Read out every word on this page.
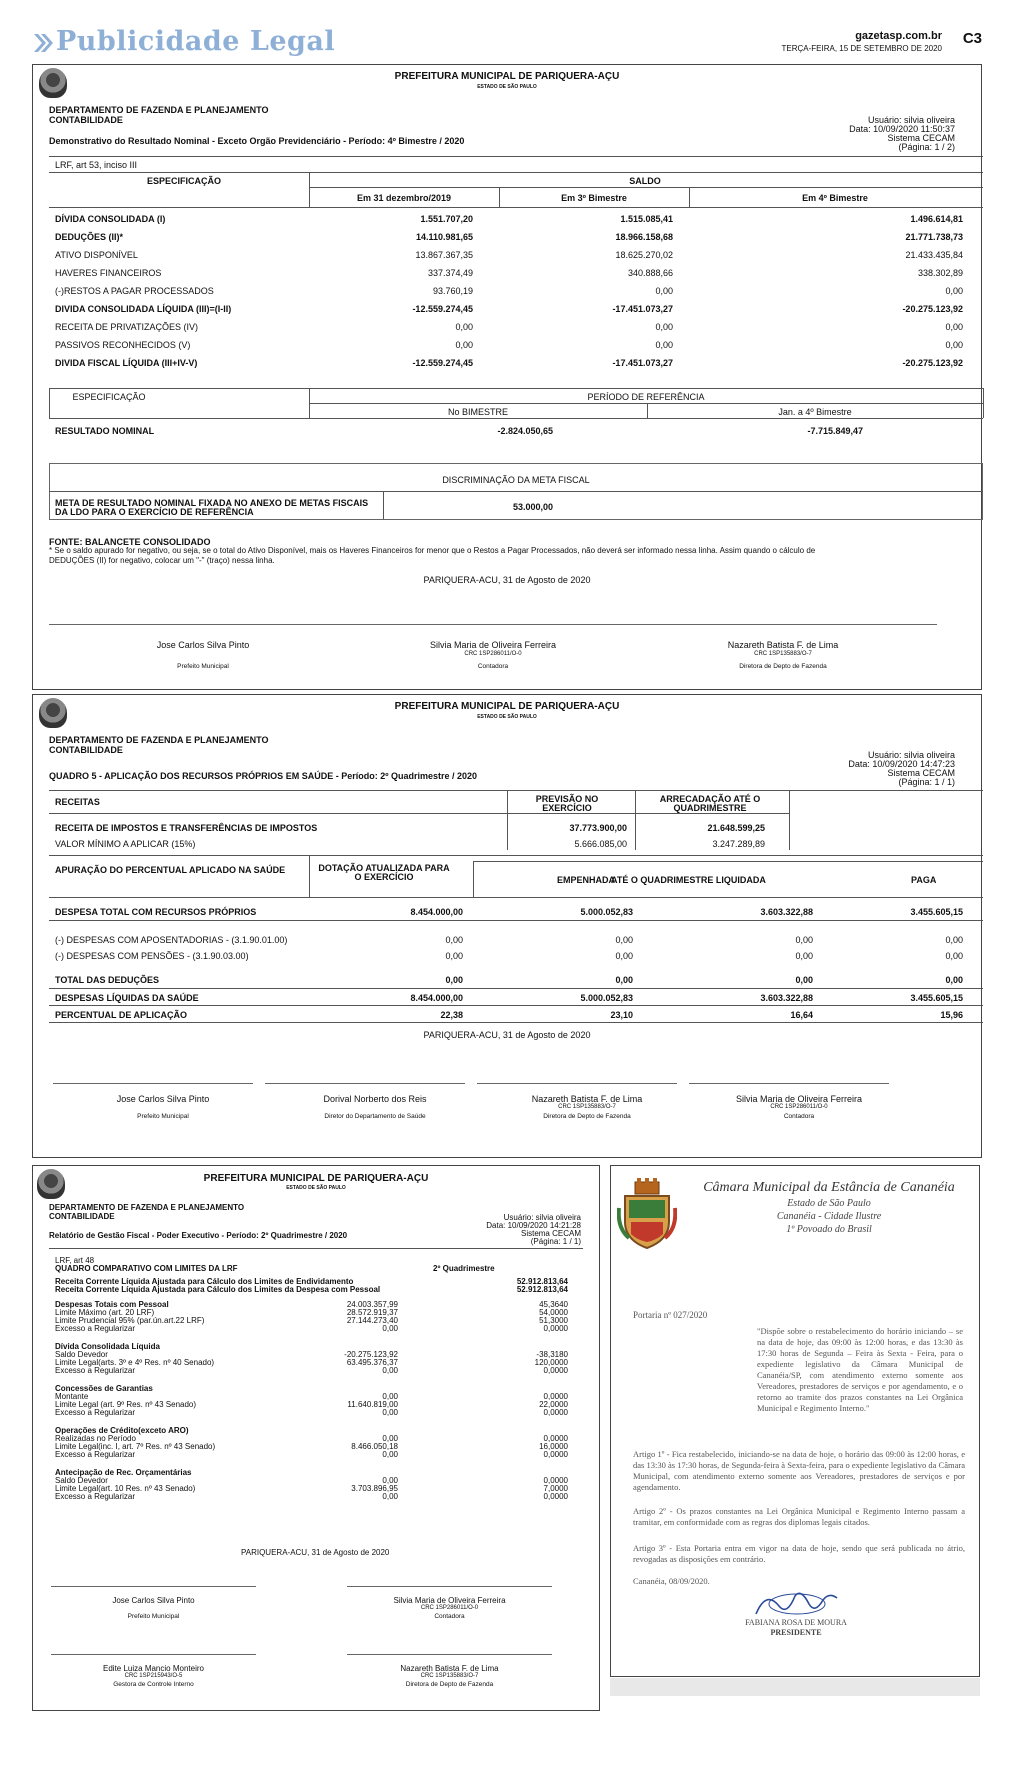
Publicidade Legal	gazetasp.com.br
TERÇA-FEIRA, 15 DE SETEMBRO DE 2020
C3
PREFEITURA MUNICIPAL DE PARIQUERA-AÇU
ESTADO DE SÃO PAULO
DEPARTAMENTO DE FAZENDA E PLANEJAMENTO
CONTABILIDADE	Usuário: silvia oliveira
Data: 10/09/2020 11:50:37
Sistema CECAM
(Página: 1 / 2)
Demonstrativo do Resultado Nominal - Exceto Orgão Previdenciário - Período: 4º Bimestre / 2020
LRF, art 53, inciso III
ESPECIFICAÇÃO	SALDO
Em 31 dezembro/2019	Em 3º Bimestre	Em 4º Bimestre
DÍVIDA CONSOLIDADA (I)	1.551.707,20	1.515.085,41	1.496.614,81
DEDUÇÕES (II)*	14.110.981,65	18.966.158,68	21.771.738,73
ATIVO DISPONÍVEL	13.867.367,35	18.625.270,02	21.433.435,84
HAVERES FINANCEIROS	337.374,49	340.888,66	338.302,89
(-)RESTOS A PAGAR PROCESSADOS	93.760,19	0,00	0,00
DIVIDA CONSOLIDADA LÍQUIDA (III)=(I-II)	-12.559.274,45	-17.451.073,27	-20.275.123,92
RECEITA DE PRIVATIZAÇÕES (IV)	0,00	0,00	0,00
PASSIVOS RECONHECIDOS (V)	0,00	0,00	0,00
DIVIDA FISCAL LÍQUIDA (III+IV-V)	-12.559.274,45	-17.451.073,27	-20.275.123,92
ESPECIFICAÇÃO	PERÍODO DE REFERÊNCIA
No BIMESTRE	Jan. a 4º Bimestre
RESULTADO NOMINAL	-2.824.050,65	-7.715.849,47
DISCRIMINAÇÃO DA META FISCAL
META DE RESULTADO NOMINAL FIXADA NO ANEXO DE METAS FISCAIS
DA LDO PARA O EXERCÍCIO DE REFERÊNCIA	53.000,00
FONTE: BALANCETE CONSOLIDADO
* Se o saldo apurado for negativo, ou seja, se o total do Ativo Disponível, mais os Haveres Financeiros for menor que o Restos a Pagar Processados, não deverá ser informado nessa linha. Assim quando o cálculo de
DEDUÇÕES (II) for negativo, colocar um "-" (traço) nessa linha.
PARIQUERA-ACU, 31 de Agosto de 2020
Jose Carlos Silva Pinto
Prefeito Municipal
Silvia Maria de Oliveira Ferreira
CRC 1SP286011/O-0
Contadora
Nazareth Batista F. de Lima
CRC 1SP135883/O-7
Diretora de Depto de Fazenda
PREFEITURA MUNICIPAL DE PARIQUERA-AÇU
ESTADO DE SÃO PAULO
DEPARTAMENTO DE FAZENDA E PLANEJAMENTO
CONTABILIDADE	Usuário: silvia oliveira
Data: 10/09/2020 14:47:23
Sistema CECAM
(Página: 1 / 1)
QUADRO 5 - APLICAÇÃO DOS RECURSOS PRÓPRIOS EM SAÚDE - Período: 2º Quadrimestre / 2020
RECEITAS	PREVISÃO NO
EXERCÍCIO
ARRECADAÇÃO ATÉ O
QUADRIMESTRE
RECEITA DE IMPOSTOS E TRANSFERÊNCIAS DE IMPOSTOS	37.773.900,00	21.648.599,25
VALOR MÍNIMO A APLICAR (15%)	5.666.085,00	3.247.289,89
APURAÇÃO DO PERCENTUAL APLICADO NA SAÚDE	DOTAÇÃO ATUALIZADA PARA
O EXERCÍCIO	EMPENHADA
ATÉ O QUADRIMESTRE LIQUIDADA	PAGA
DESPESA TOTAL COM RECURSOS PRÓPRIOS	8.454.000,00	5.000.052,83	3.603.322,88	3.455.605,15
(-) DESPESAS COM APOSENTADORIAS - (3.1.90.01.00)	0,00	0,00	0,00	0,00
(-) DESPESAS COM PENSÕES - (3.1.90.03.00)	0,00	0,00	0,00	0,00
TOTAL DAS DEDUÇÕES	0,00	0,00	0,00	0,00
DESPESAS LÍQUIDAS DA SAÚDE	8.454.000,00	5.000.052,83	3.603.322,88	3.455.605,15
PERCENTUAL DE APLICAÇÃO	22,38	23,10	16,64	15,96
PARIQUERA-ACU, 31 de Agosto de 2020
Jose Carlos Silva Pinto
Prefeito Municipal
Dorival Norberto dos Reis
Diretor do Departamento de Saúde
Nazareth Batista F. de Lima
CRC 1SP135883/O-7
Diretora de Depto de Fazenda
Silvia Maria de Oliveira Ferreira
CRC 1SP286011/O-0
Contadora
PREFEITURA MUNICIPAL DE PARIQUERA-AÇU
ESTADO DE SÃO PAULO
DEPARTAMENTO DE FAZENDA E PLANEJAMENTO
CONTABILIDADE	Usuário: silvia oliveira
Data: 10/09/2020 14:21:28
Sistema CECAM
(Página: 1 / 1)
Relatório de Gestão Fiscal - Poder Executivo - Período: 2º Quadrimestre / 2020
LRF, art 48
QUADRO COMPARATIVO COM LIMITES DA LRF	2º Quadrimestre
Receita Corrente Líquida Ajustada para Cálculo dos Limites de Endividamento	52.912.813,64
Receita Corrente Líquida Ajustada para Cálculo dos Limites da Despesa com Pessoal	52.912.813,64
Despesas Totais com Pessoal	24.003.357,99	45,3640
Limite Máximo (art. 20 LRF)	28.572.919,37	54,0000
Limite Prudencial 95% (par.ún.art.22 LRF)	27.144.273,40	51,3000
Excesso a Regularizar	0,00	0,0000
Dívida Consolidada Líquida
Saldo Devedor	-20.275.123,92	-38,3180
Limite Legal(arts. 3º e 4º Res. nº 40 Senado)	63.495.376,37	120,0000
Excesso a Regularizar	0,00	0,0000
Concessões de Garantias
Montante	0,00	0,0000
Limite Legal (art. 9º Res. nº 43 Senado)	11.640.819,00	22,0000
Excesso a Regularizar	0,00	0,0000
Operações de Crédito(exceto ARO)
Realizadas no Período	0,00	0,0000
Limite Legal(inc. I, art. 7º Res. nº 43 Senado)	8.466.050,18	16,0000
Excesso a Regularizar	0,00	0,0000
Antecipação de Rec. Orçamentárias
Saldo Devedor	0,00	0,0000
Limite Legal(art. 10 Res. nº 43 Senado)	3.703.896,95	7,0000
Excesso a Regularizar	0,00	0,0000
PARIQUERA-ACU, 31 de Agosto de 2020
Jose Carlos Silva Pinto
Prefeito Municipal
Silvia Maria de Oliveira Ferreira
CRC 1SP286011/O-0
Contadora
Edite Luiza Mancio Monteiro
CRC 1SP215943/O-5
Gestora de Controle Interno
Nazareth Batista F. de Lima
CRC 1SP135883/O-7
Diretora de Depto de Fazenda
Câmara Municipal da Estância de Cananéia
Estado de São Paulo
Cananéia - Cidade Ilustre
1º Povoado do Brasil
Portaria nº 027/2020
"Dispõe sobre o restabelecimento do horário iniciando – se na data de hoje, das 09:00 às 12:00 horas, e das 13:30 às 17:30 horas de Segunda – Feira às Sexta - Feira, para o expediente legislativo da Câmara Municipal de Cananéia/SP, com atendimento externo somente aos Vereadores, prestadores de serviços e por agendamento, e o retorno ao tramite dos prazos constantes na Lei Orgânica Municipal e Regimento Interno."
Artigo 1º - Fica restabelecido, iniciando-se na data de hoje, o horário das 09:00 às 12:00 horas, e das 13:30 às 17:30 horas, de Segunda-feira à Sexta-feira, para o expediente legislativo da Câmara Municipal, com atendimento externo somente aos Vereadores, prestadores de serviços e por agendamento.
Artigo 2º - Os prazos constantes na Lei Orgânica Municipal e Regimento Interno passam a tramitar, em conformidade com as regras dos diplomas legais citados.
Artigo 3º - Esta Portaria entra em vigor na data de hoje, sendo que será publicada no átrio, revogadas as disposições em contrário.
Cananéia, 08/09/2020.
FABIANA ROSA DE MOURA
PRESIDENTE
